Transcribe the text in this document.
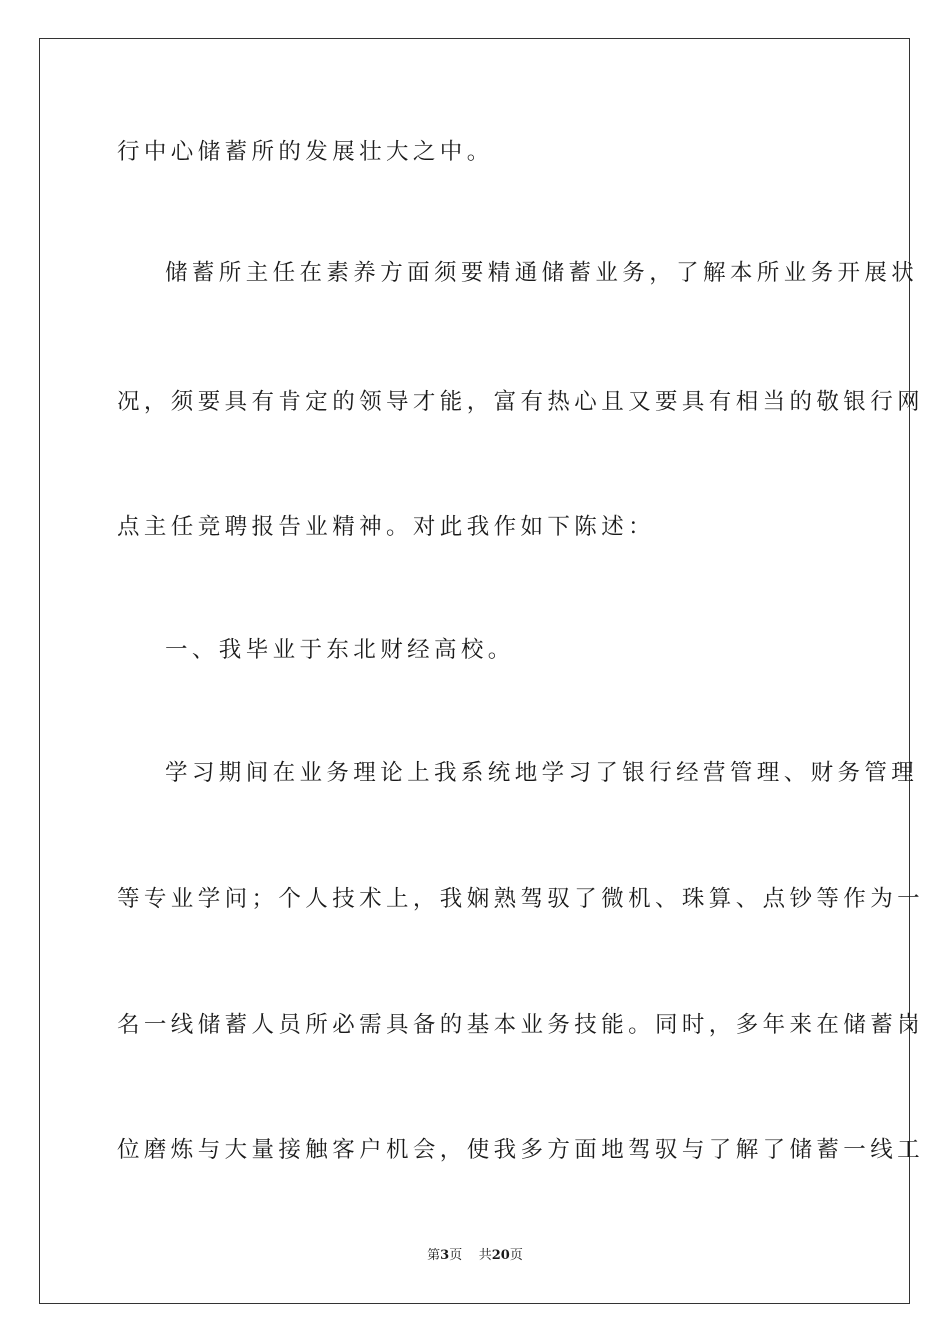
行中心储蓄所的发展壮大之中。
储蓄所主任在素养方面须要精通储蓄业务，了解本所业务开展状
况，须要具有肯定的领导才能，富有热心且又要具有相当的敬银行网
点主任竞聘报告业精神。对此我作如下陈述：
一、我毕业于东北财经高校。
学习期间在业务理论上我系统地学习了银行经营管理、财务管理
等专业学问；个人技术上，我娴熟驾驭了微机、珠算、点钞等作为一
名一线储蓄人员所必需具备的基本业务技能。同时，多年来在储蓄岗
位磨炼与大量接触客户机会，使我多方面地驾驭与了解了储蓄一线工
第3页 共20页
